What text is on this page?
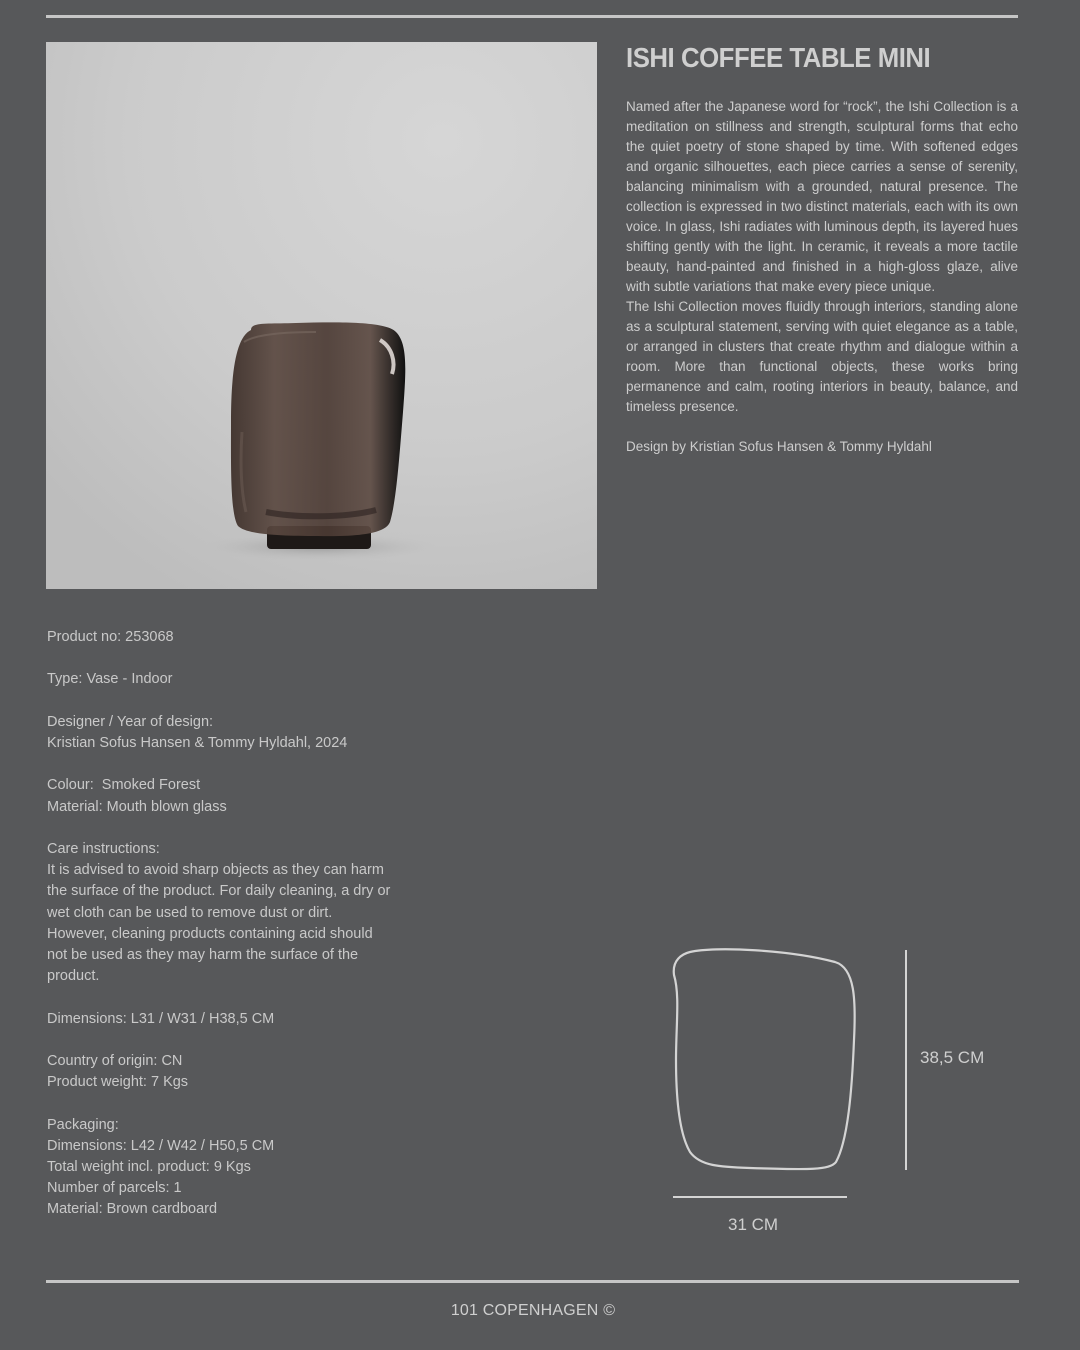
ISHI COFFEE TABLE MINI

Named after the Japanese word for “rock”, the Ishi Collection is a meditation on stillness and strength, sculptural forms that echo the quiet poetry of stone shaped by time. With softened edges and organic silhouettes, each piece carries a sense of serenity, balancing minimalism with a grounded, natural presence. The collection is expressed in two distinct materials, each with its own voice. In glass, Ishi radiates with luminous depth, its layered hues shifting gently with the light. In ceramic, it reveals a more tactile beauty, hand-painted and finished in a high-gloss glaze, alive with subtle variations that make every piece unique.

The Ishi Collection moves fluidly through interiors, standing alone as a sculptural statement, serving with quiet elegance as a table, or arranged in clusters that create rhythm and dialogue within a room. More than functional objects, these works bring permanence and calm, rooting interiors in beauty, balance, and timeless presence.

Design by Kristian Sofus Hansen & Tommy Hyldahl
Product no: 253068
Type: Vase - Indoor
Designer / Year of design:
Kristian Sofus Hansen & Tommy Hyldahl, 2024
Colour:  Smoked Forest
Material: Mouth blown glass
Care instructions:
It is advised to avoid sharp objects as they can harm the surface of the product. For daily cleaning, a dry or wet cloth can be used to remove dust or dirt. However, cleaning products containing acid should not be used as they may harm the surface of the product.
Dimensions: L31 / W31 / H38,5 CM
Country of origin: CN
Product weight: 7 Kgs
Packaging:
Dimensions: L42 / W42 / H50,5 CM
Total weight incl. product: 9 Kgs
Number of parcels: 1
Material: Brown cardboard
38,5 CM
31 CM
101 COPENHAGEN ©
